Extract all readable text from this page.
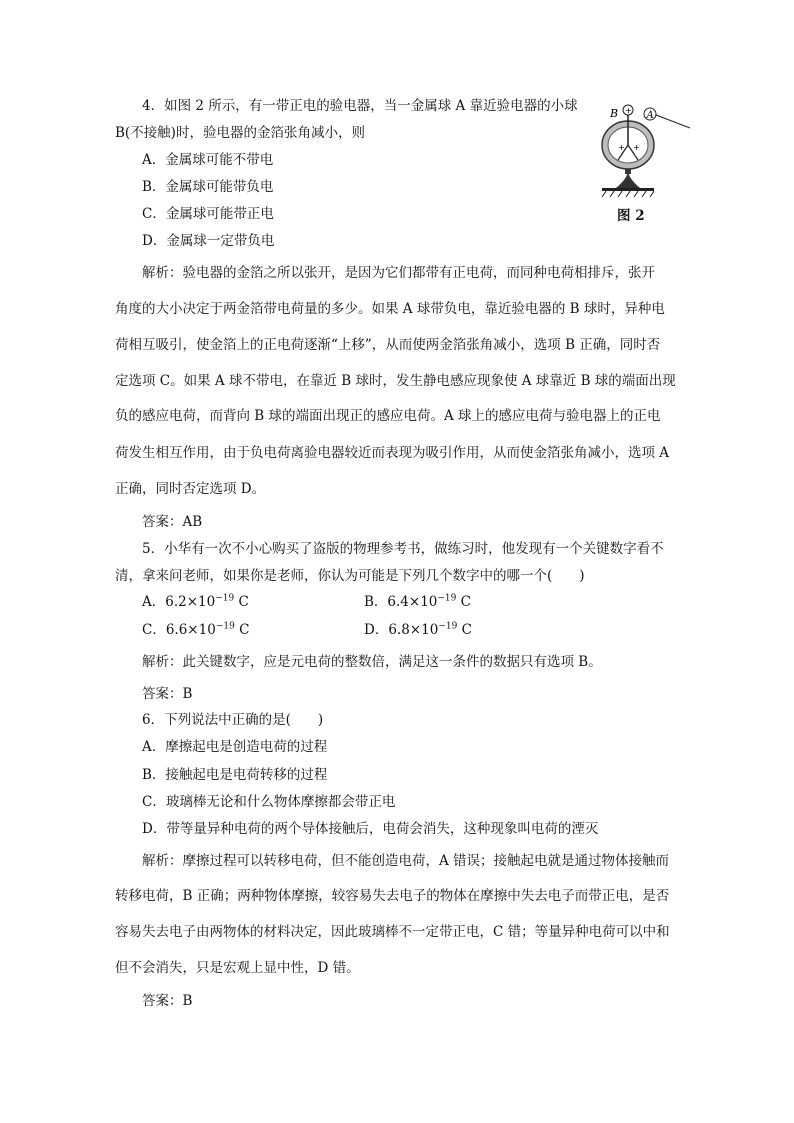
4．如图 2 所示，有一带正电的验电器，当一金属球 A 靠近验电器的小球
B(不接触)时，验电器的金箔张角减小，则
A．金属球可能不带电
B．金属球可能带负电
C．金属球可能带正电
D．金属球一定带负电
+
+ +
B	A
图 2
解析：验电器的金箔之所以张开，是因为它们都带有正电荷，而同种电荷相排斥，张开
角度的大小决定于两金箔带电荷量的多少。如果 A 球带负电，靠近验电器的 B 球时，异种电
荷相互吸引，使金箔上的正电荷逐渐“上移”，从而使两金箔张角减小，选项 B 正确，同时否
定选项 C。如果 A 球不带电，在靠近 B 球时，发生静电感应现象使 A 球靠近 B 球的端面出现
负的感应电荷，而背向 B 球的端面出现正的感应电荷。A 球上的感应电荷与验电器上的正电
荷发生相互作用，由于负电荷离验电器较近而表现为吸引作用，从而使金箔张角减小，选项 A
正确，同时否定选项 D。
答案：AB
5．小华有一次不小心购买了盗版的物理参考书，做练习时，他发现有一个关键数字看不
清，拿来问老师，如果你是老师，你认为可能是下列几个数字中的哪一个(　　)
A．$6.2\times 10^{-19}$ C	B．$6.4\times 10^{-19}$ C
C．$6.6\times 10^{-19}$ C	D．$6.8\times 10^{-19}$ C
解析：此关键数字，应是元电荷的整数倍，满足这一条件的数据只有选项 B。
答案：B
6．下列说法中正确的是(　　)
A．摩擦起电是创造电荷的过程
B．接触起电是电荷转移的过程
C．玻璃棒无论和什么物体摩擦都会带正电
D．带等量异种电荷的两个导体接触后，电荷会消失，这种现象叫电荷的湮灭
解析：摩擦过程可以转移电荷，但不能创造电荷，A 错误；接触起电就是通过物体接触而
转移电荷，B 正确；两种物体摩擦，较容易失去电子的物体在摩擦中失去电子而带正电，是否
容易失去电子由两物体的材料决定，因此玻璃棒不一定带正电，C 错；等量异种电荷可以中和
但不会消失，只是宏观上显中性，D 错。
答案：B
